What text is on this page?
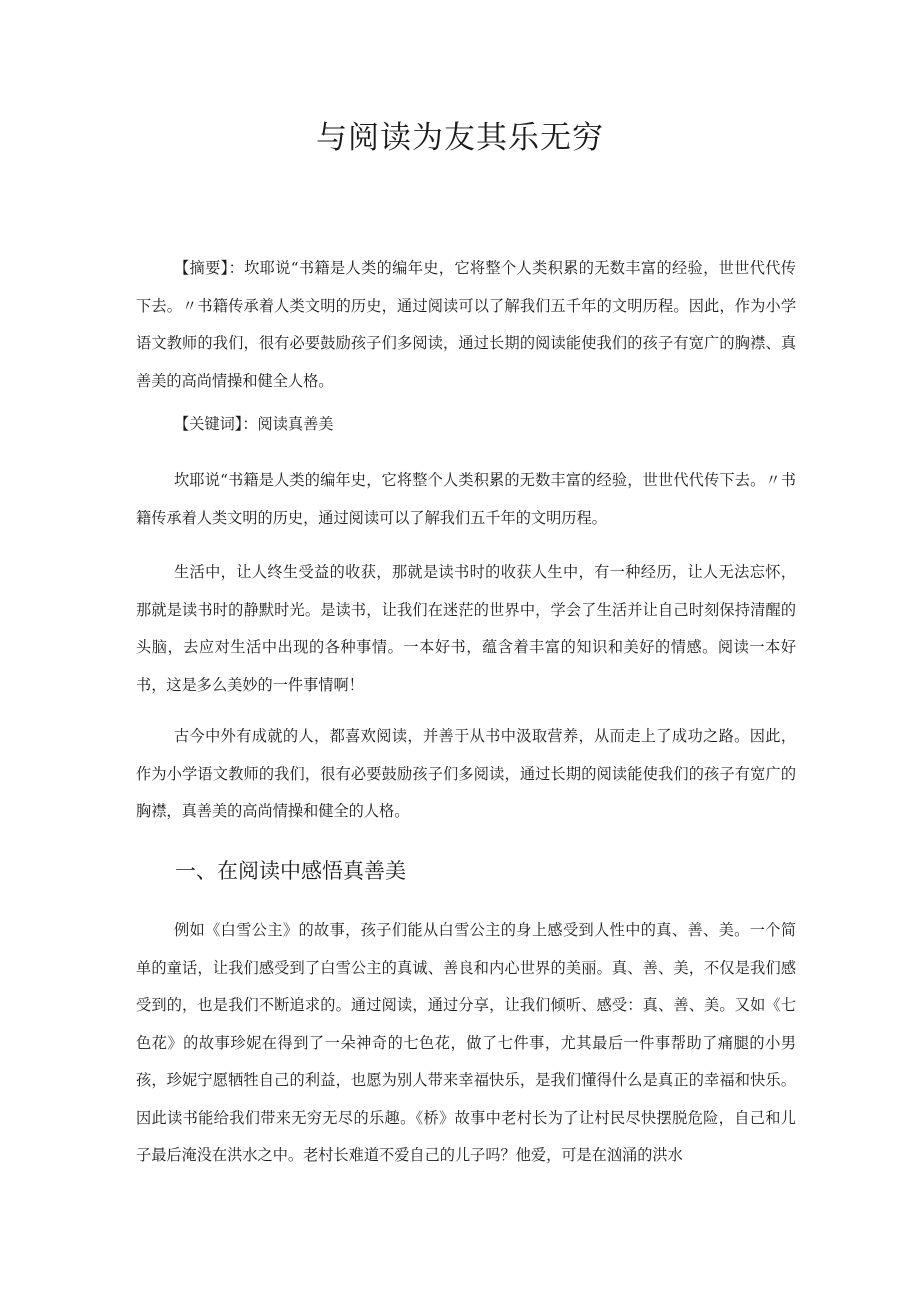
与阅读为友其乐无穷

【摘要】：坎耶说“书籍是人类的编年史，它将整个人类积累的无数丰富的经验，世世代代传下去。〃书籍传承着人类文明的历史，通过阅读可以了解我们五千年的文明历程。因此，作为小学语文教师的我们，很有必要鼓励孩子们多阅读，通过长期的阅读能使我们的孩子有宽广的胸襟、真善美的高尚情操和健全人格。

【关键词】：阅读真善美

坎耶说“书籍是人类的编年史，它将整个人类积累的无数丰富的经验，世世代代传下去。〃书籍传承着人类文明的历史，通过阅读可以了解我们五千年的文明历程。

生活中，让人终生受益的收获，那就是读书时的收获人生中，有一种经历，让人无法忘怀，那就是读书时的静默时光。是读书，让我们在迷茫的世界中，学会了生活并让自己时刻保持清醒的头脑，去应对生活中出现的各种事情。一本好书，蕴含着丰富的知识和美好的情感。阅读一本好书，这是多么美妙的一件事情啊！

古今中外有成就的人，都喜欢阅读，并善于从书中汲取营养，从而走上了成功之路。因此，作为小学语文教师的我们，很有必要鼓励孩子们多阅读，通过长期的阅读能使我们的孩子有宽广的胸襟，真善美的高尚情操和健全的人格。

一、在阅读中感悟真善美

例如《白雪公主》的故事，孩子们能从白雪公主的身上感受到人性中的真、善、美。一个简单的童话，让我们感受到了白雪公主的真诚、善良和内心世界的美丽。真、善、美，不仅是我们感受到的，也是我们不断追求的。通过阅读，通过分享，让我们倾听、感受：真、善、美。又如《七色花》的故事珍妮在得到了一朵神奇的七色花，做了七件事，尤其最后一件事帮助了痛腿的小男孩，珍妮宁愿牺牲自己的利益，也愿为别人带来幸福快乐，是我们懂得什么是真正的幸福和快乐。因此读书能给我们带来无穷无尽的乐趣。《桥》故事中老村长为了让村民尽快摆脱危险，自己和儿子最后淹没在洪水之中。老村长难道不爱自己的儿子吗？他爱，可是在汹涌的洪水
